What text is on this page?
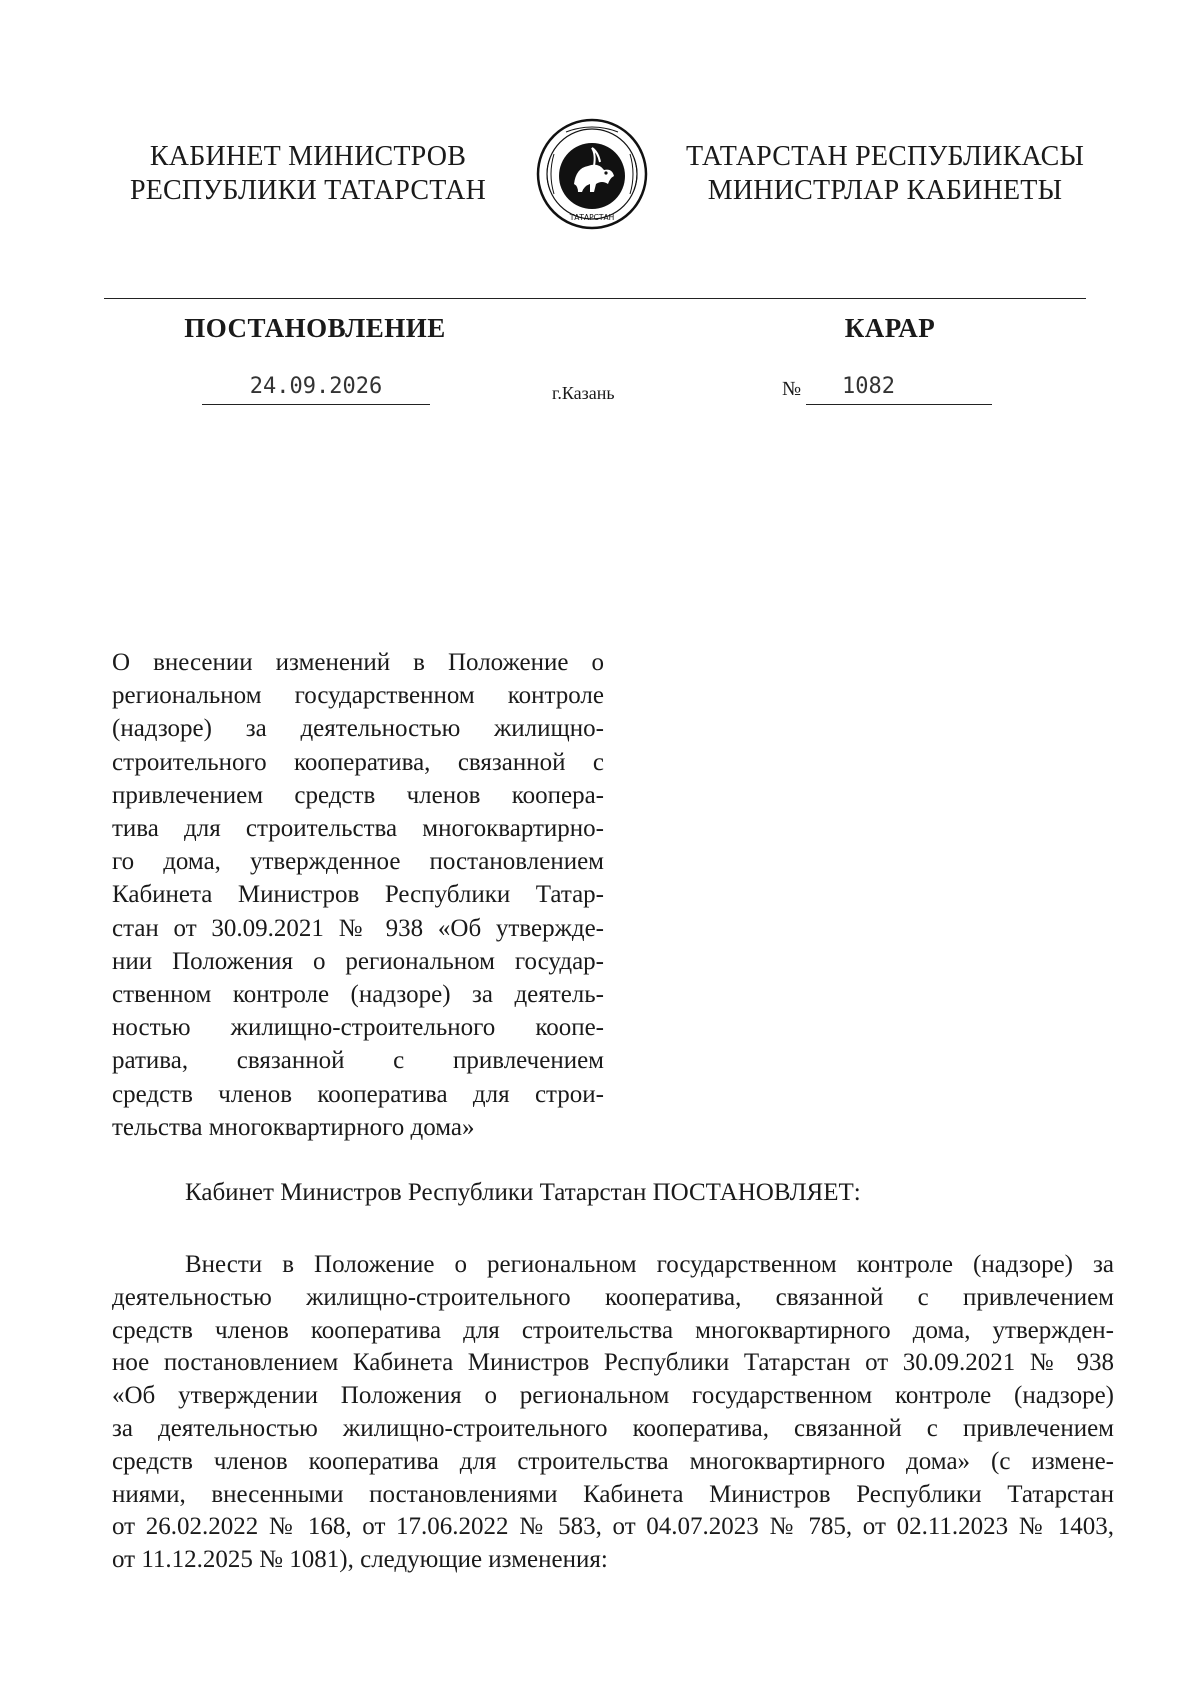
КАБИНЕТ МИНИСТРОВ
РЕСПУБЛИКИ ТАТАРСТАН
ТАТАРСТАН
ТАТАРСТАН РЕСПУБЛИКАСЫ
МИНИСТРЛАР КАБИНЕТЫ
ПОСТАНОВЛЕНИЕ	КАРАР
24.09.2026	г.Казань	№	1082
О внесении изменений в Положение о
региональном государственном контроле
(надзоре) за деятельностью жилищно-
строительного кооператива, связанной с
привлечением средств членов коопера-
тива для строительства многоквартирно-
го дома, утвержденное постановлением
Кабинета Министров Республики Татар-
стан от 30.09.2021 № 938 «Об утвержде-
нии Положения о региональном государ-
ственном контроле (надзоре) за деятель-
ностью жилищно-строительного коопе-
ратива, связанной с привлечением
средств членов кооператива для строи-
тельства многоквартирного дома»
Кабинет Министров Республики Татарстан ПОСТАНОВЛЯЕТ:
Внести в Положение о региональном государственном контроле (надзоре) за
деятельностью жилищно-строительного кооператива, связанной с привлечением
средств членов кооператива для строительства многоквартирного дома, утвержден-
ное постановлением Кабинета Министров Республики Татарстан от 30.09.2021 № 938
«Об утверждении Положения о региональном государственном контроле (надзоре)
за деятельностью жилищно-строительного кооператива, связанной с привлечением
средств членов кооператива для строительства многоквартирного дома» (с измене-
ниями, внесенными постановлениями Кабинета Министров Республики Татарстан
от 26.02.2022 № 168, от 17.06.2022 № 583, от 04.07.2023 № 785, от 02.11.2023 № 1403,
от 11.12.2025 № 1081), следующие изменения:
